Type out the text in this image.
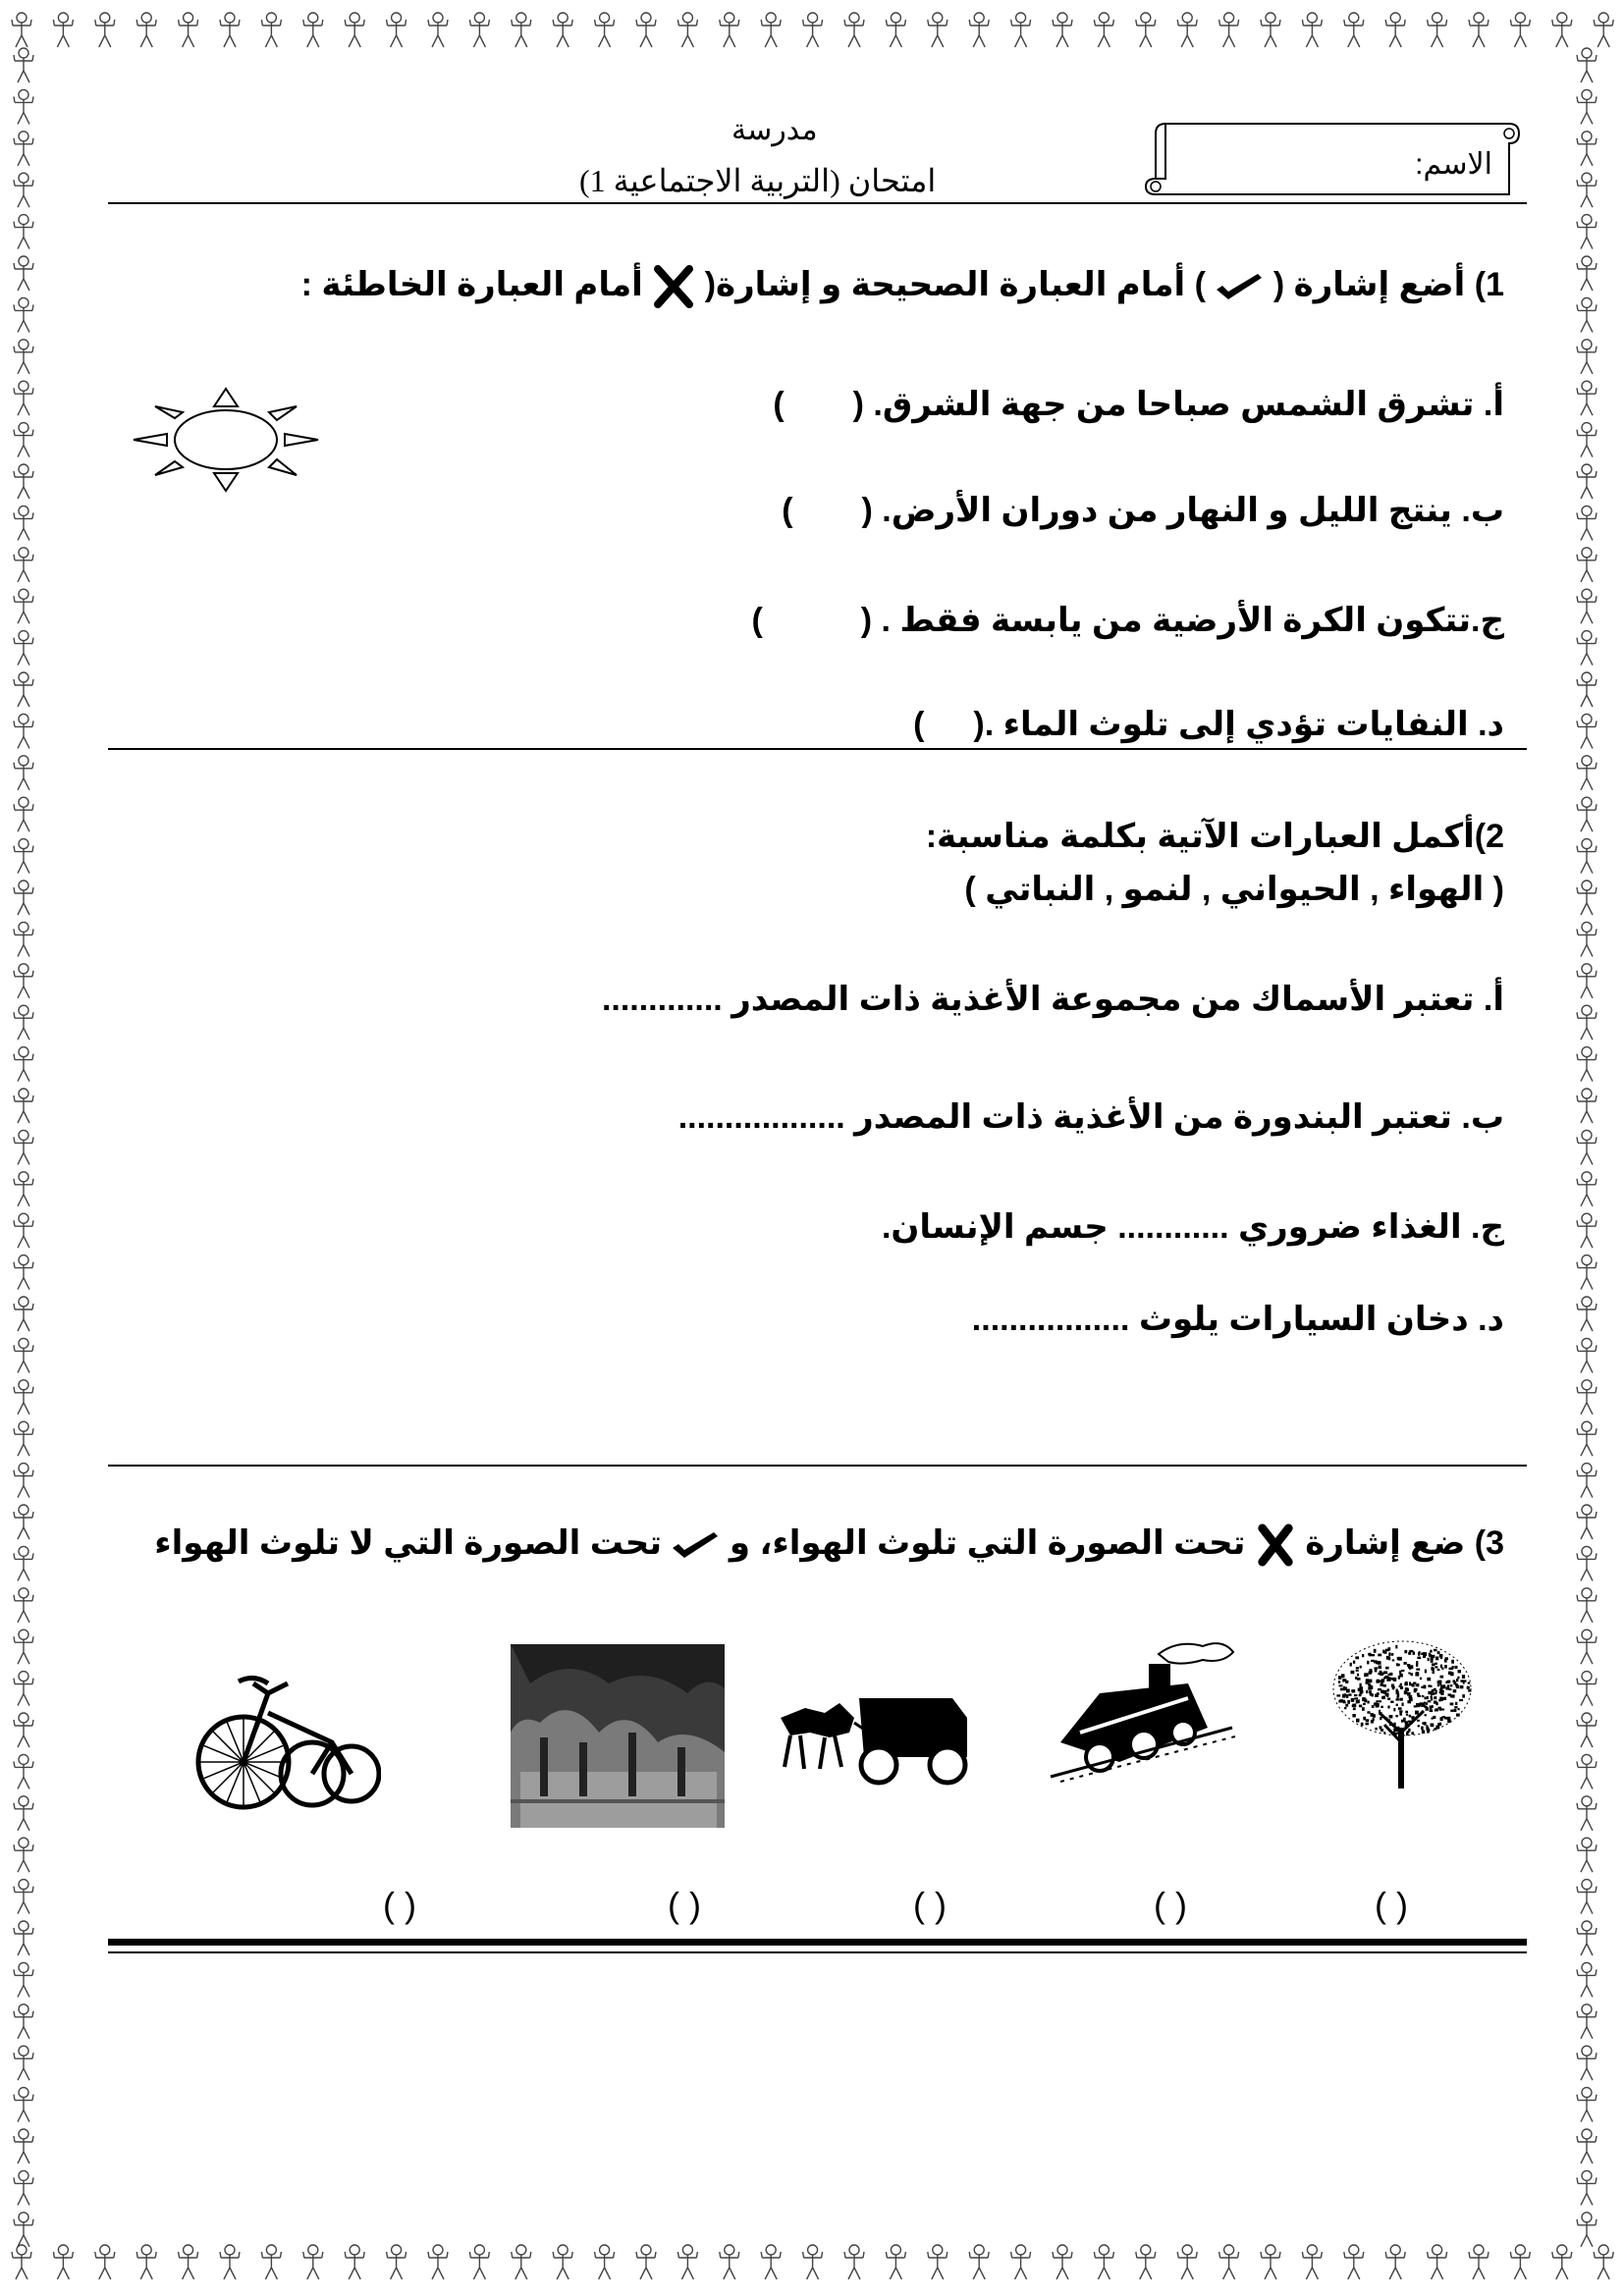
الاسم:
مدرسة
امتحان (التربية الاجتماعية 1)
1) أضع إشارة (  ) أمام العبارة الصحيحة و إشارة(  أمام العبارة الخاطئة :
أ. تشرق الشمس صباحا من جهة الشرق. ()
ب. ينتج الليل و النهار من دوران الأرض. ()
ج.تتكون الكرة الأرضية من يابسة فقط . ()
د. النفايات تؤدي إلى تلوث الماء .()
2)أكمل العبارات الآتية بكلمة مناسبة:
( الهواء , الحيواني , لنمو , النباتي )
أ. تعتبر الأسماك من مجموعة الأغذية ذات المصدر .............
ب. تعتبر البندورة من الأغذية ذات المصدر ..................
ج. الغذاء ضروري ............ جسم الإنسان.
د. دخان السيارات يلوث .................
3) ضع إشارة  تحت الصورة التي تلوث الهواء، و  تحت الصورة التي لا تلوث الهواء
( )
( )
( )
( )
( )
